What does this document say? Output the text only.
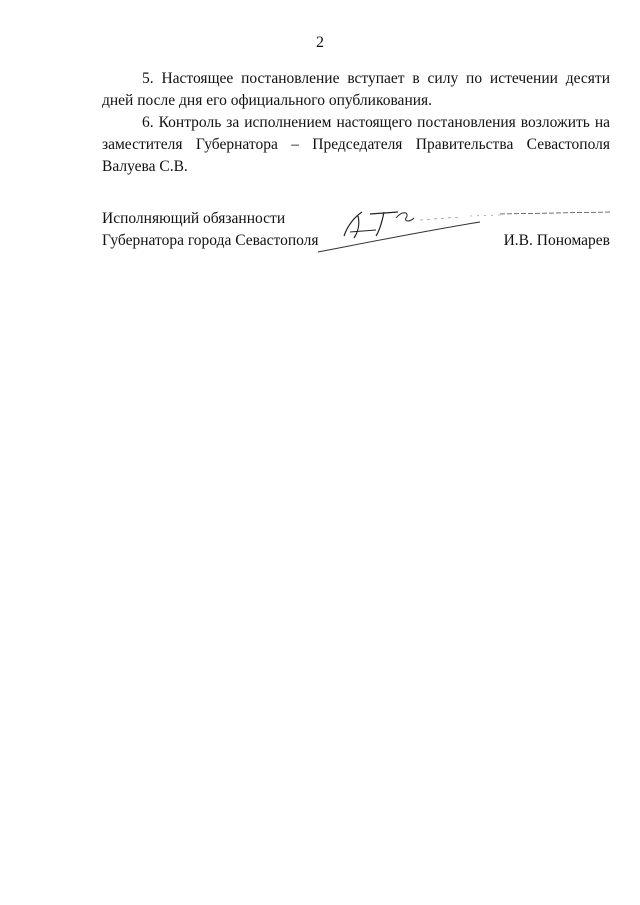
2

5. Настоящее постановление вступает в силу по истечении десяти дней после дня его официального опубликования.

6. Контроль за исполнением настоящего постановления возложить на заместителя Губернатора – Председателя Правительства Севастополя Валуева С.В.

Исполняющий обязанности
Губернатора города Севастополя	И.В. Пономарев
